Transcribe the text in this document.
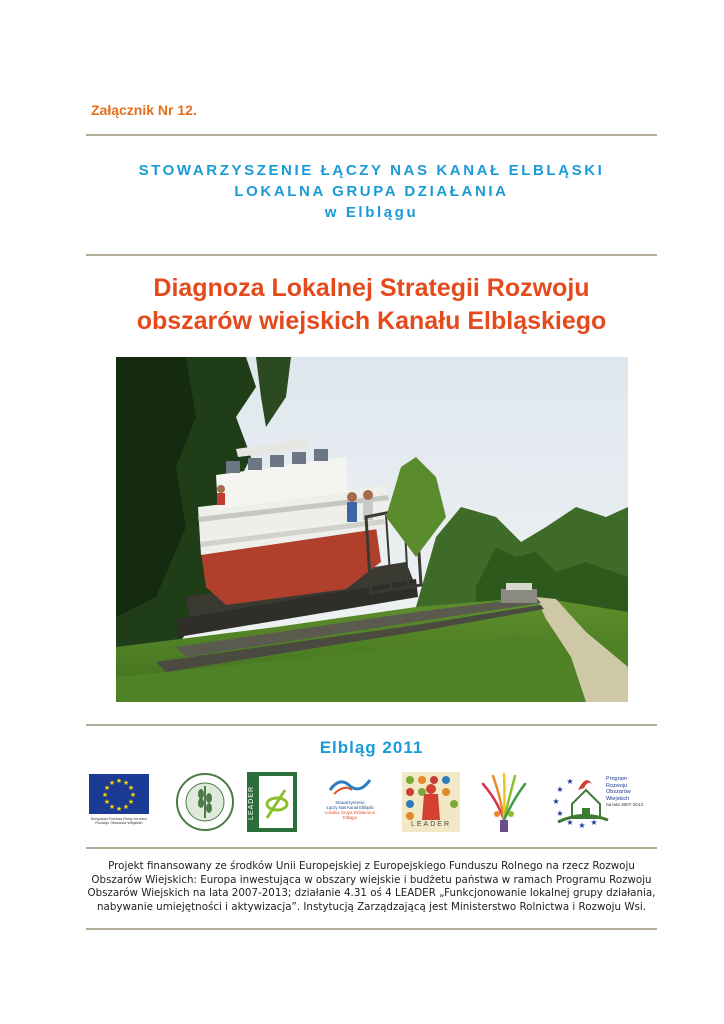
Załącznik Nr 12.
STOWARZYSZENIE ŁĄCZY NAS KANAŁ ELBLĄSKI
LOKALNA GRUPA DZIAŁANIA
w Elblągu
Diagnoza Lokalnej Strategii Rozwoju
obszarów wiejskich Kanału Elbląskiego
Elbląg 2011
★ ★
★
★
★
★
★
★
★
★
★
★
Europejski Fundusz Rolny na rzecz Rozwoju Obszarów Wiejskich
LEADER	Stowarzyszenie
Łączy Nas Kanał Elbląski
Lokalna Grupa Działania w Elblągu
LEADER
★
★
★
★ ★ ★
★	Program
Rozwoju
Obszarów
Wiejskich
na lata 2007-2013
Projekt finansowany ze środków Unii Europejskiej z Europejskiego Funduszu Rolnego na rzecz Rozwoju Obszarów Wiejskich: Europa inwestująca w obszary wiejskie i budżetu państwa w ramach Programu Rozwoju Obszarów Wiejskich na lata 2007-2013; działanie 4.31 oś 4 LEADER „Funkcjonowanie lokalnej grupy działania, nabywanie umiejętności i aktywizacja”. Instytucją Zarządzającą jest Ministerstwo Rolnictwa i Rozwoju Wsi.
